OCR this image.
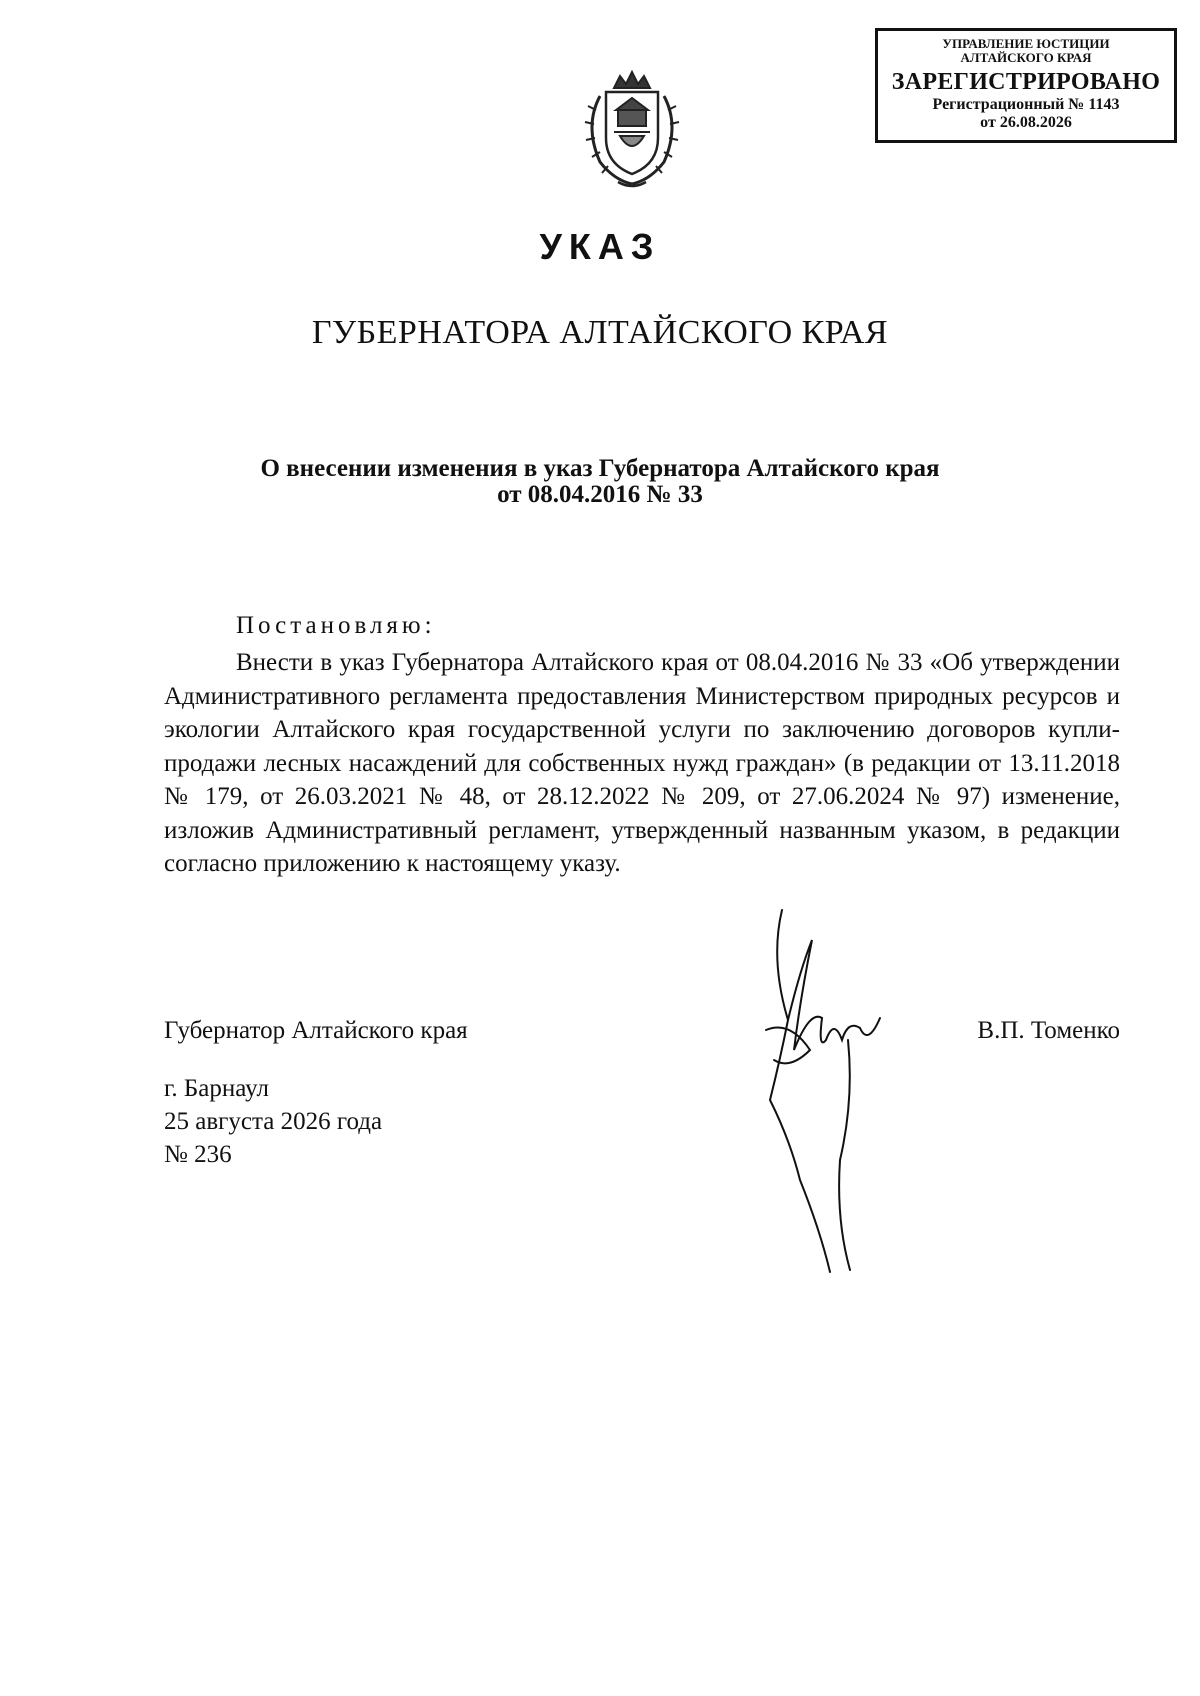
УПРАВЛЕНИЕ ЮСТИЦИИ
АЛТАЙСКОГО КРАЯ
ЗАРЕГИСТРИРОВАНО
Регистрационный № 1143
от 26.08.2026
УКАЗ
ГУБЕРНАТОРА АЛТАЙСКОГО КРАЯ
О внесении изменения в указ Губернатора Алтайского края
от 08.04.2016 № 33
Постановляю:
Внести в указ Губернатора Алтайского края от 08.04.2016 № 33 «Об утверждении Административного регламента предоставления Министерством природных ресурсов и экологии Алтайского края государственной услуги по заключению договоров купли-продажи лесных насаждений для собственных нужд граждан» (в редакции от 13.11.2018 № 179, от 26.03.2021 № 48, от 28.12.2022 № 209, от 27.06.2024 № 97) изменение, изложив Административный регламент, утвержденный названным указом, в редакции согласно приложению к настоящему указу.
Губернатор Алтайского края	В.П. Томенко
г. Барнаул
25 августа 2026 года
№ 236
